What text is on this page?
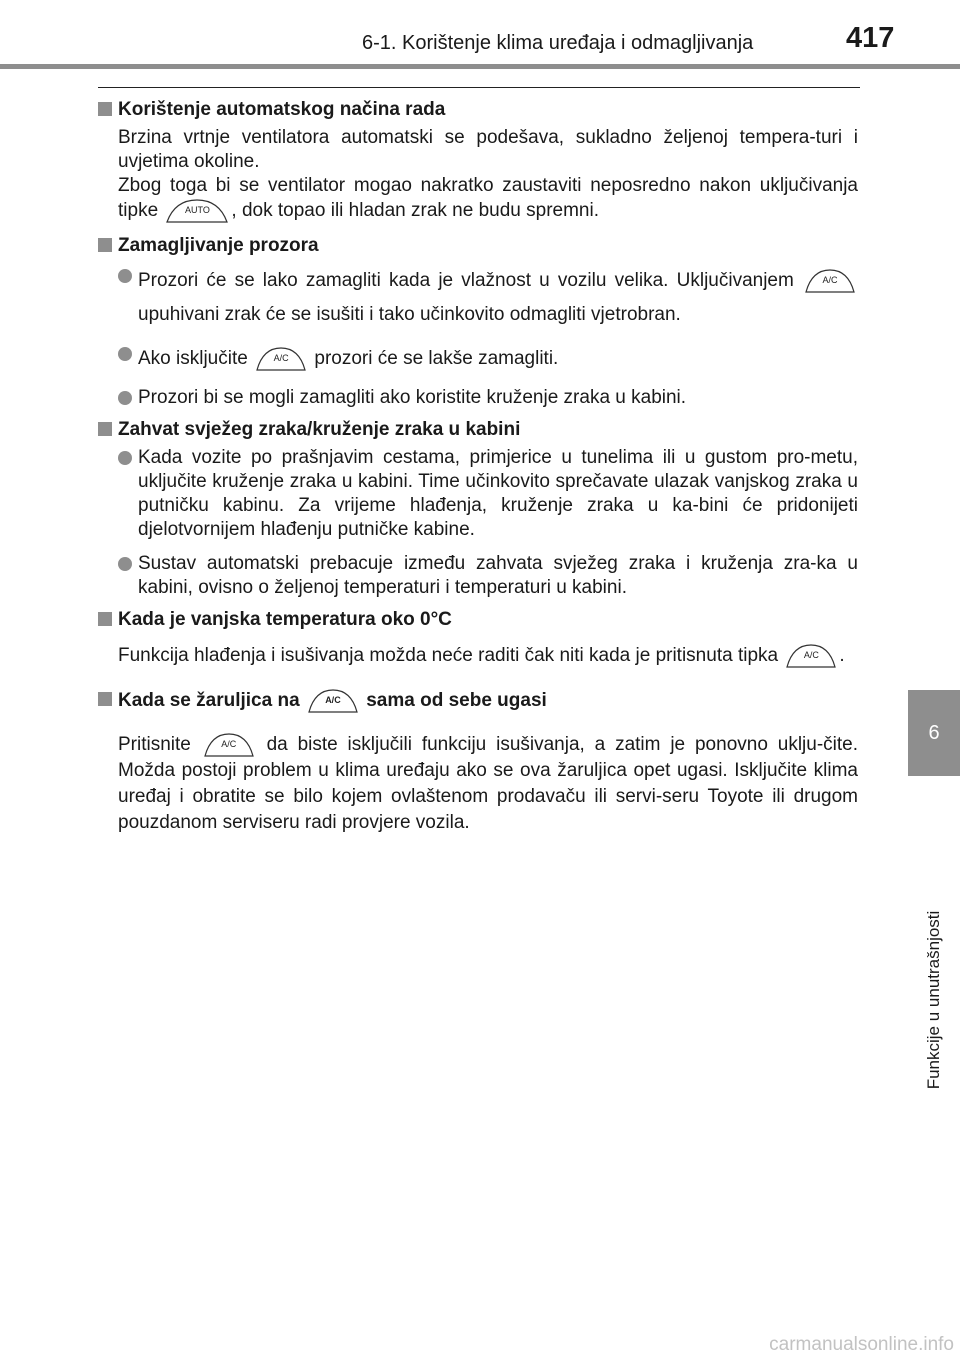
6-1. Korištenje klima uređaja i odmagljivanja	417
6
Funkcije u unutrašnjosti
Korištenje automatskog načina rada

Brzina vrtnje ventilatora automatski se podešava, sukladno željenoj tempera-turi i uvjetima okoline.

Zbog toga bi se ventilator mogao nakratko zaustaviti neposredno nakon uključivanja tipke	AUTO	, dok topao ili hladan zrak ne budu spremni.

Zamagljivanje prozora

Prozori će se lako zamagliti kada je vlažnost u vozilu velika. Uključivanjem	A/C
upuhivani zrak će se isušiti i tako učinkovito odmagliti vjetrobran.

Ako isključite	A/C	prozori će se lakše zamagliti.

Prozori bi se mogli zamagliti ako koristite kruženje zraka u kabini.

Zahvat svježeg zraka/kruženje zraka u kabini

Kada vozite po prašnjavim cestama, primjerice u tunelima ili u gustom pro-metu, uključite kruženje zraka u kabini. Time učinkovito sprečavate ulazak vanjskog zraka u putničku kabinu. Za vrijeme hlađenja, kruženje zraka u ka-bini će pridonijeti djelotvornijem hlađenju putničke kabine.

Sustav automatski prebacuje između zahvata svježeg zraka i kruženja zra-ka u kabini, ovisno o željenoj temperaturi i temperaturi u kabini.

Kada je vanjska temperatura oko 0°C

Funkcija hlađenja i isušivanja možda neće raditi čak niti kada je pritisnuta tipka	A/C	.

Kada se žaruljica na	A/C	sama od sebe ugasi

Pritisnite	A/C	da biste isključili funkciju isušivanja, a zatim je ponovno uklju-čite. Možda postoji problem u klima uređaju ako se ova žaruljica opet ugasi. Isključite klima uređaj i obratite se bilo kojem ovlaštenom prodavaču ili servi-seru Toyote ili drugom pouzdanom serviseru radi provjere vozila.

carmanualsonline.info
